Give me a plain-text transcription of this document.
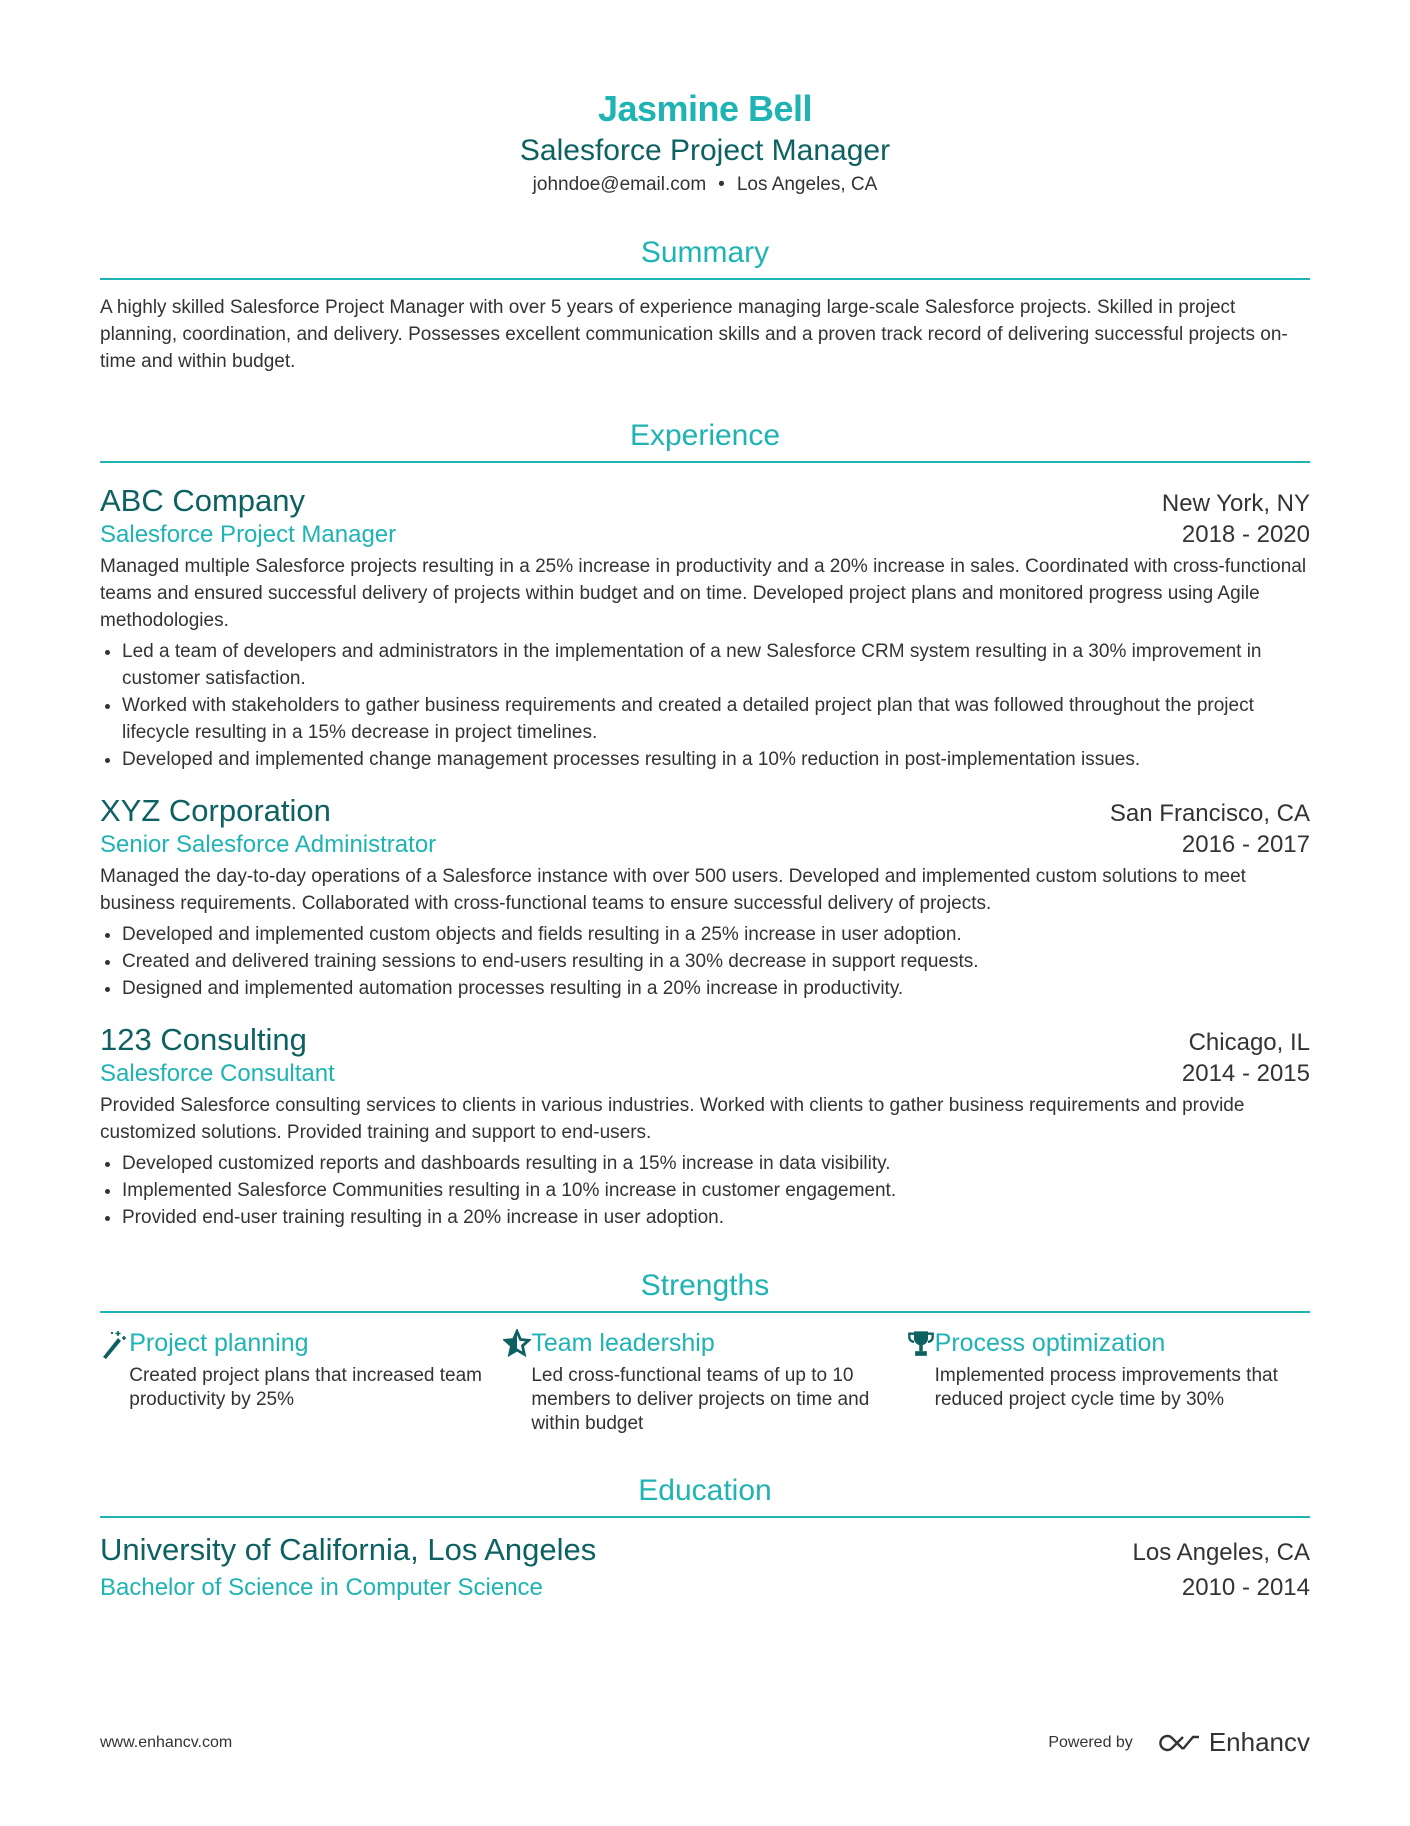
Jasmine Bell
Salesforce Project Manager
johndoe@email.com • Los Angeles, CA
Summary

A highly skilled Salesforce Project Manager with over 5 years of experience managing large-scale Salesforce projects. Skilled in project planning, coordination, and delivery. Possesses excellent communication skills and a proven track record of delivering successful projects on-time and within budget.

Experience
ABC Company	New York, NY
Salesforce Project Manager	2018 - 2020

Managed multiple Salesforce projects resulting in a 25% increase in productivity and a 20% increase in sales. Coordinated with cross-functional teams and ensured successful delivery of projects within budget and on time. Developed project plans and monitored progress using Agile methodologies.

• Led a team of developers and administrators in the implementation of a new Salesforce CRM system resulting in a 30% improvement in customer satisfaction.
• Worked with stakeholders to gather business requirements and created a detailed project plan that was followed throughout the project lifecycle resulting in a 15% decrease in project timelines.
• Developed and implemented change management processes resulting in a 10% reduction in post-implementation issues.
XYZ Corporation	San Francisco, CA
Senior Salesforce Administrator	2016 - 2017

Managed the day-to-day operations of a Salesforce instance with over 500 users. Developed and implemented custom solutions to meet business requirements. Collaborated with cross-functional teams to ensure successful delivery of projects.

• Developed and implemented custom objects and fields resulting in a 25% increase in user adoption.
• Created and delivered training sessions to end-users resulting in a 30% decrease in support requests.
• Designed and implemented automation processes resulting in a 20% increase in productivity.
123 Consulting	Chicago, IL
Salesforce Consultant	2014 - 2015

Provided Salesforce consulting services to clients in various industries. Worked with clients to gather business requirements and provide customized solutions. Provided training and support to end-users.

• Developed customized reports and dashboards resulting in a 15% increase in data visibility.
• Implemented Salesforce Communities resulting in a 10% increase in customer engagement.
• Provided end-user training resulting in a 20% increase in user adoption.
Strengths
Project planning
Created project plans that increased team productivity by 25%
Team leadership
Led cross-functional teams of up to 10 members to deliver projects on time and within budget
Process optimization
Implemented process improvements that reduced project cycle time by 30%
Education
University of California, Los Angeles	Los Angeles, CA
Bachelor of Science in Computer Science	2010 - 2014
www.enhancv.com	Powered by	Enhancv
